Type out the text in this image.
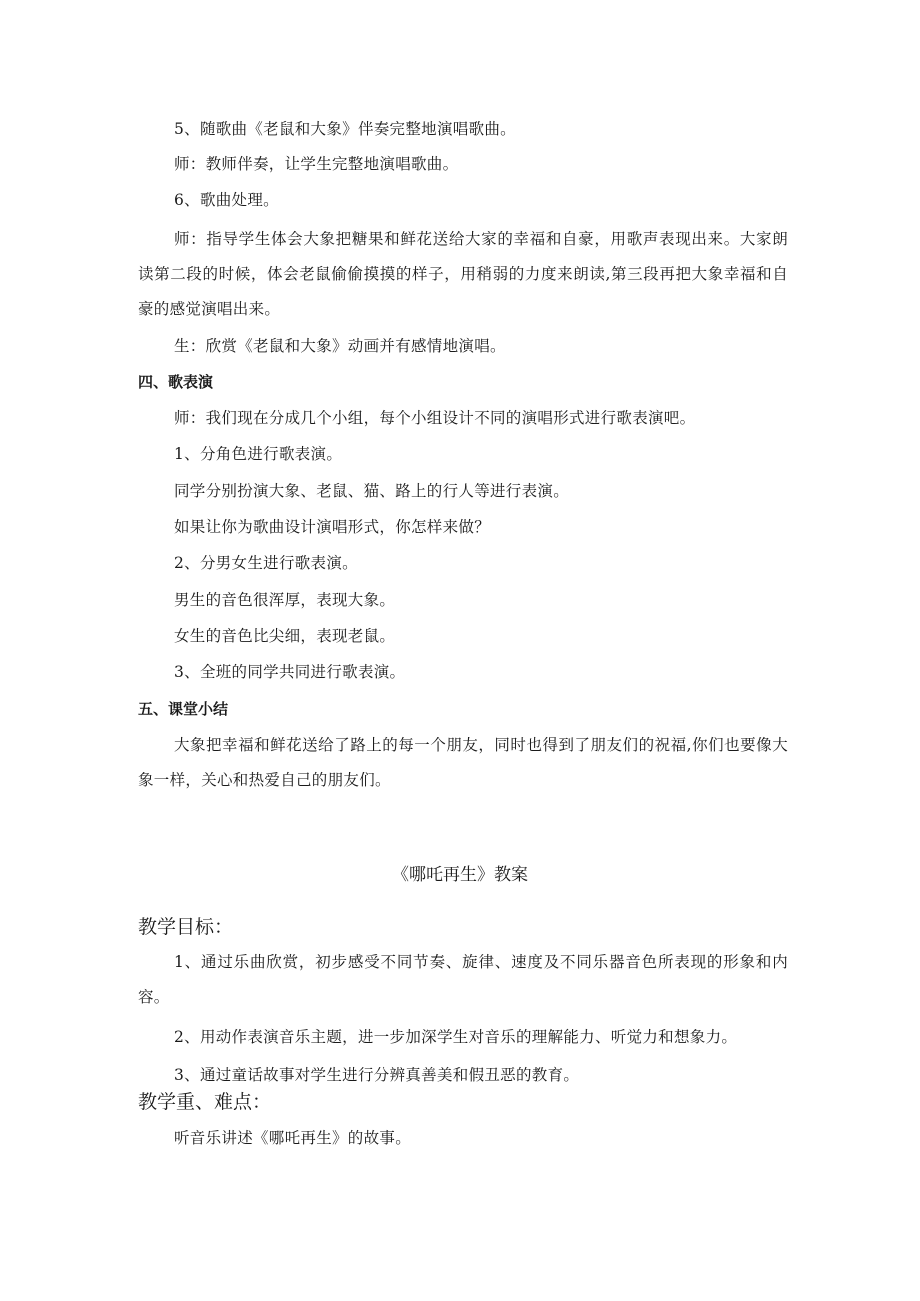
5、随歌曲《老鼠和大象》伴奏完整地演唱歌曲。
师：教师伴奏，让学生完整地演唱歌曲。
6、歌曲处理。
师：指导学生体会大象把糖果和鲜花送给大家的幸福和自豪，用歌声表现出来。大家朗读第二段的时候，体会老鼠偷偷摸摸的样子，用稍弱的力度来朗读,第三段再把大象幸福和自豪的感觉演唱出来。
生：欣赏《老鼠和大象》动画并有感情地演唱。
四、歌表演
师：我们现在分成几个小组，每个小组设计不同的演唱形式进行歌表演吧。
1、分角色进行歌表演。
同学分别扮演大象、老鼠、猫、路上的行人等进行表演。
如果让你为歌曲设计演唱形式，你怎样来做？
2、分男女生进行歌表演。
男生的音色很浑厚，表现大象。
女生的音色比尖细，表现老鼠。
3、全班的同学共同进行歌表演。
五、课堂小结
大象把幸福和鲜花送给了路上的每一个朋友，同时也得到了朋友们的祝福,你们也要像大象一样，关心和热爱自己的朋友们。
《哪吒再生》教案
教学目标：
1、通过乐曲欣赏，初步感受不同节奏、旋律、速度及不同乐器音色所表现的形象和内容。
2、用动作表演音乐主题，进一步加深学生对音乐的理解能力、听觉力和想象力。
3、通过童话故事对学生进行分辨真善美和假丑恶的教育。
教学重、难点：
听音乐讲述《哪吒再生》的故事。
